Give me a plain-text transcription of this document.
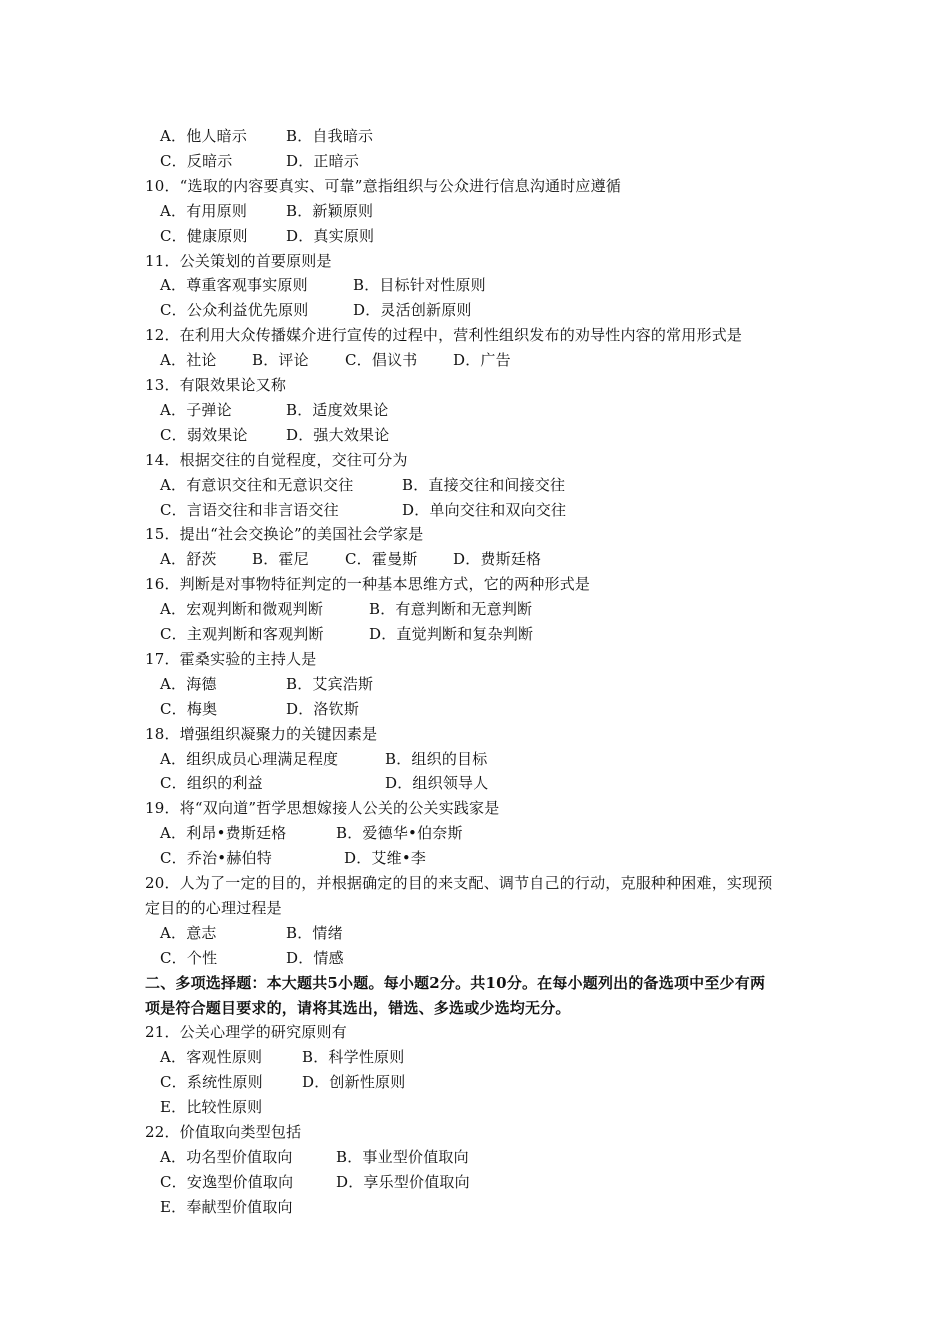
A．他人暗示	B．自我暗示
C．反暗示	D．正暗示
10．“选取的内容要真实、可靠”意指组织与公众进行信息沟通时应遵循
A．有用原则	B．新颖原则
C．健康原则	D．真实原则
11．公关策划的首要原则是
A．尊重客观事实原则	B．目标针对性原则
C．公众利益优先原则	D．灵活创新原则
12．在利用大众传播媒介进行宣传的过程中，营利性组织发布的劝导性内容的常用形式是
A．社论 B．评论 C．倡议书 D．广告
13．有限效果论又称
A．子弹论	B．适度效果论
C．弱效果论	D．强大效果论
14．根据交往的自觉程度，交往可分为
A．有意识交往和无意识交往	B．直接交往和间接交往
C．言语交往和非言语交往	D．单向交往和双向交往
15．提出“社会交换论”的美国社会学家是
A．舒茨 B．霍尼 C．霍曼斯 D．费斯廷格
16．判断是对事物特征判定的一种基本思维方式，它的两种形式是
A．宏观判断和微观判断	B．有意判断和无意判断
C．主观判断和客观判断	D．直觉判断和复杂判断
17．霍桑实验的主持人是
A．海德	B．艾宾浩斯
C．梅奥	D．洛钦斯
18．增强组织凝聚力的关键因素是
A．组织成员心理满足程度	B．组织的目标
C．组织的利益	D．组织领导人
19．将“双向道”哲学思想嫁接人公关的公关实践家是
A．利昂•费斯廷格	B．爱德华•伯奈斯
C．乔治•赫伯特	D．艾维•李
20．人为了一定的目的，并根据确定的目的来支配、调节自己的行动，克服种种困难，实现预
定目的的心理过程是
A．意志	B．情绪
C．个性	D．情感
二、多项选择题：本大题共5小题。每小题2分。共10分。在每小题列出的备选项中至少有两
项是符合题目要求的，请将其选出，错选、多选或少选均无分。
21．公关心理学的研究原则有
A．客观性原则	B．科学性原则
C．系统性原则	D．创新性原则
E．比较性原则
22．价值取向类型包括
A．功名型价值取向	B．事业型价值取向
C．安逸型价值取向	D．享乐型价值取向
E．奉献型价值取向
